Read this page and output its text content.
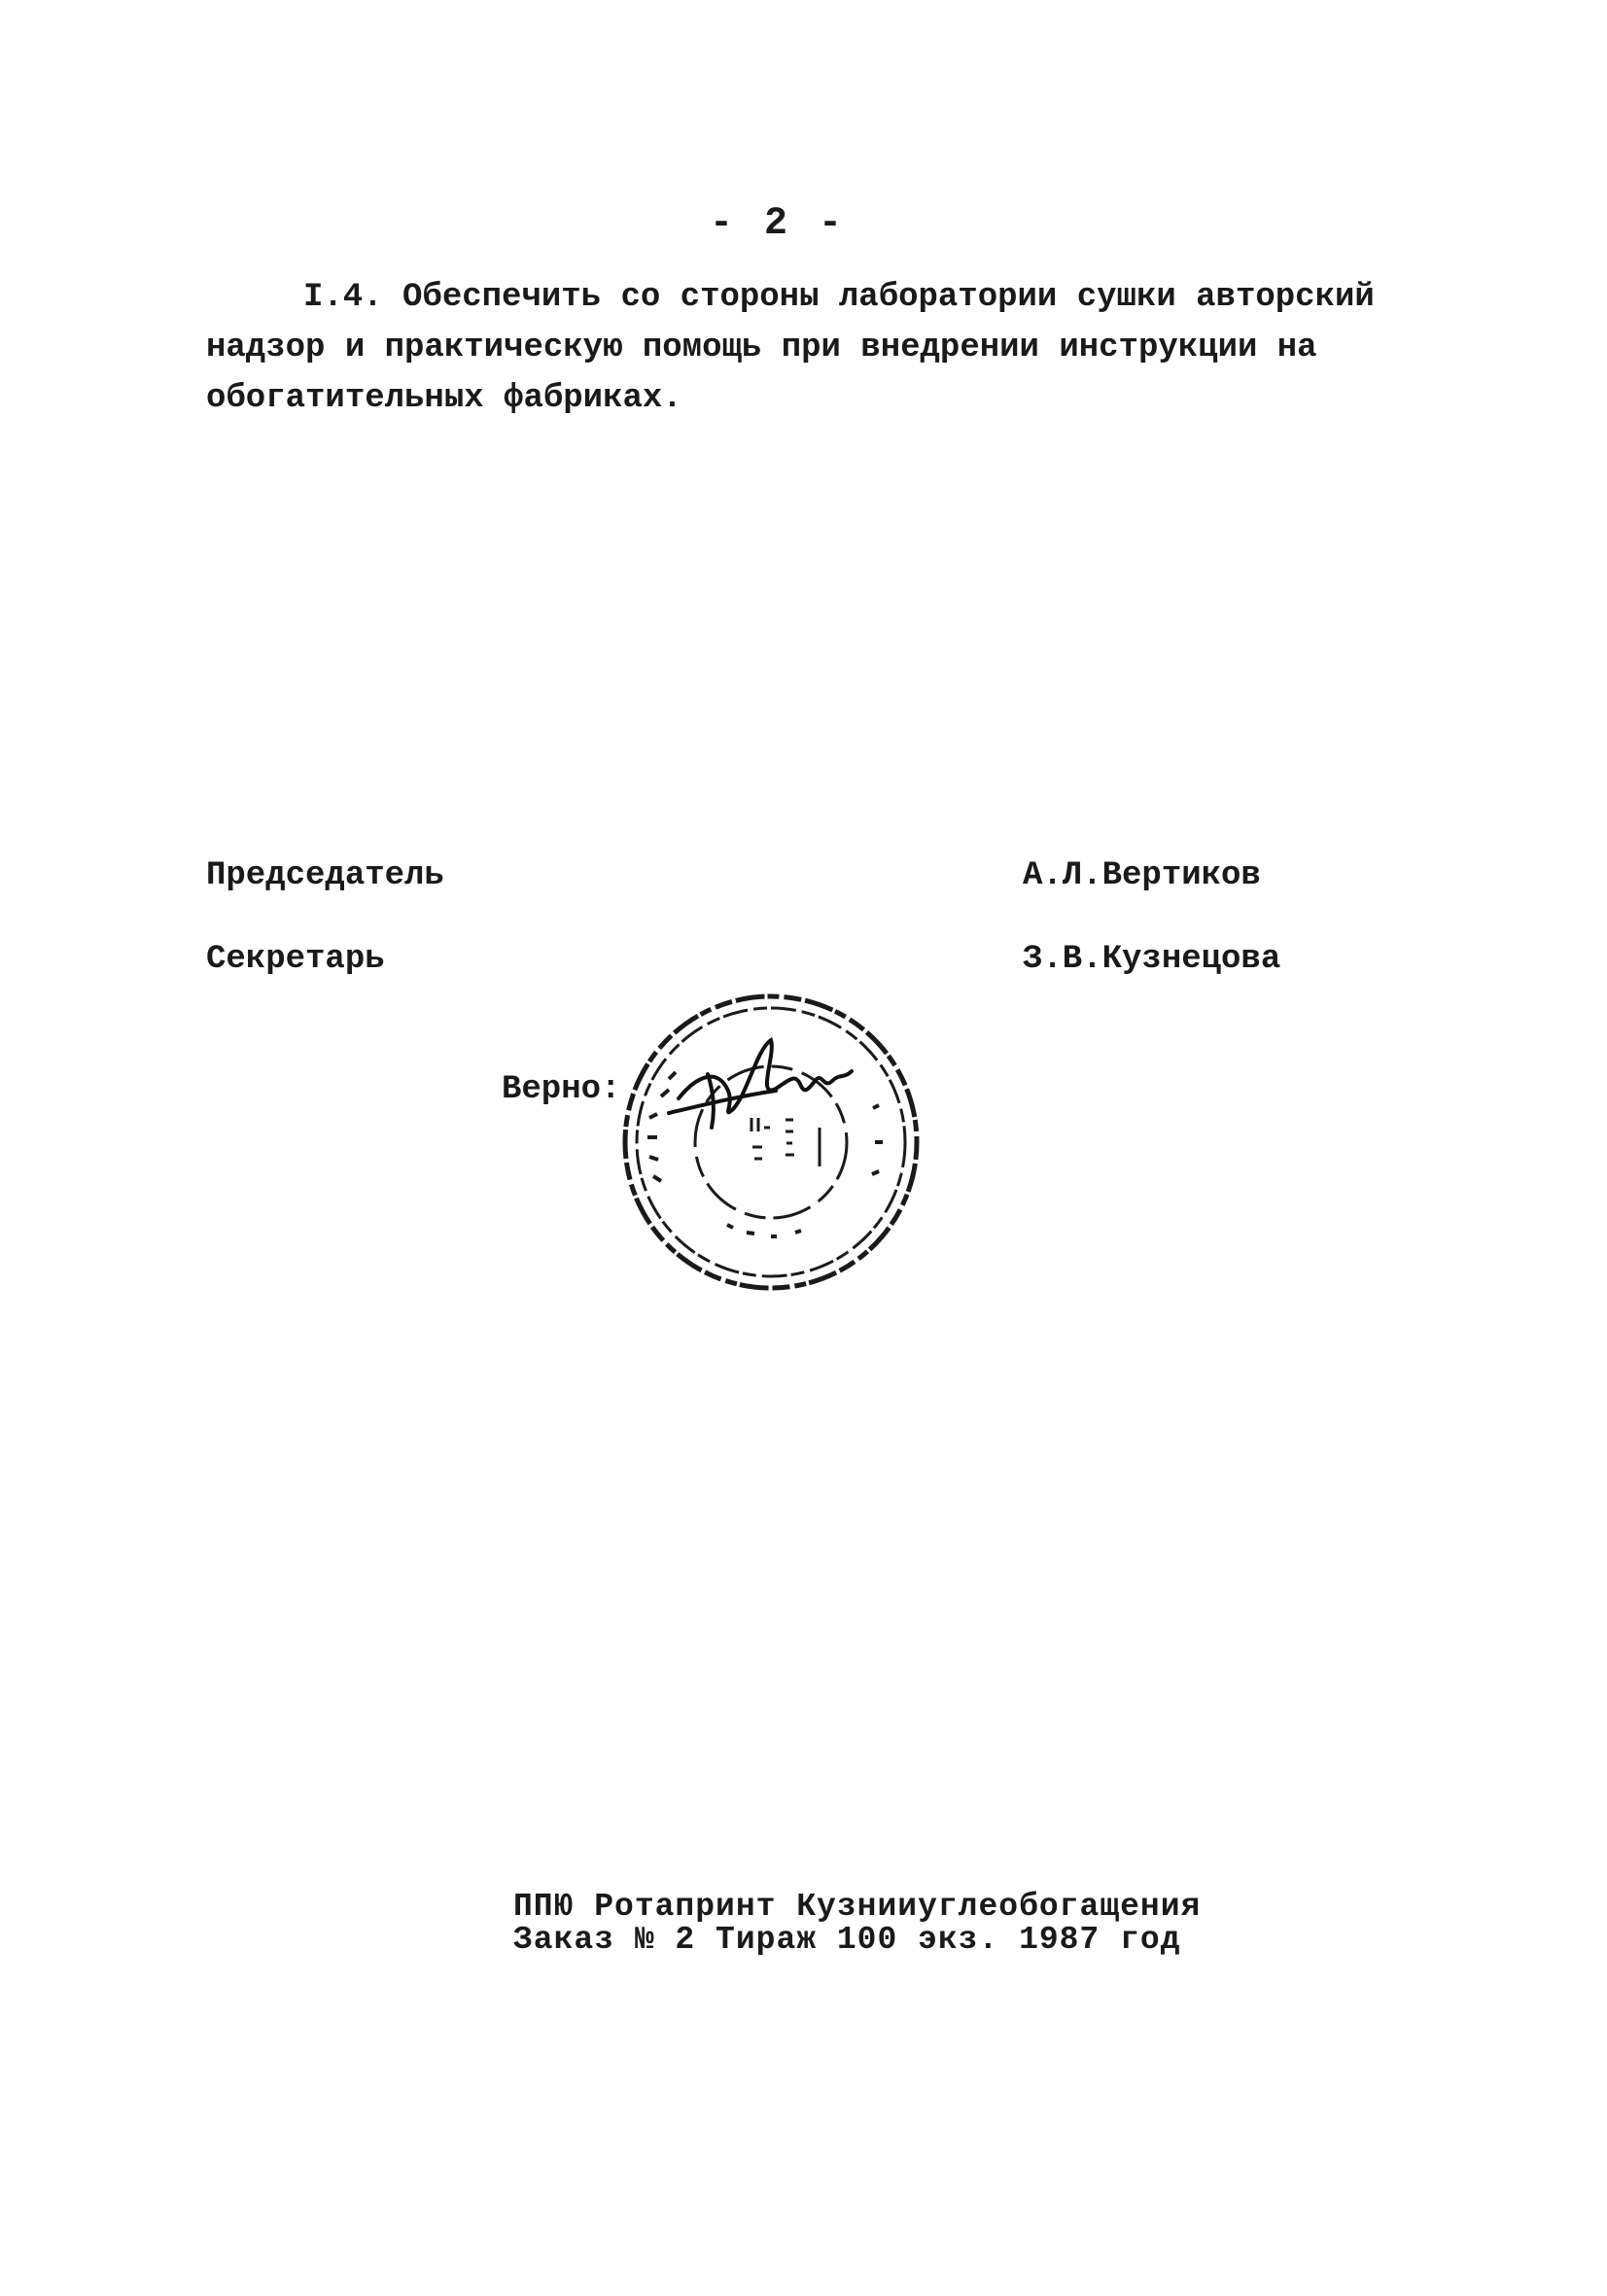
- 2 -
I.4. Обеспечить со стороны лаборатории сушки авторский
надзор и практическую помощь при внедрении инструкции на
обогатительных фабриках.
Председатель	А.Л.Вертиков
Секретарь	З.В.Кузнецова
Верно:
ППЮ Ротапринт Кузнииуглеобогащения
Заказ № 2 Тираж 100 экз. 1987 год
